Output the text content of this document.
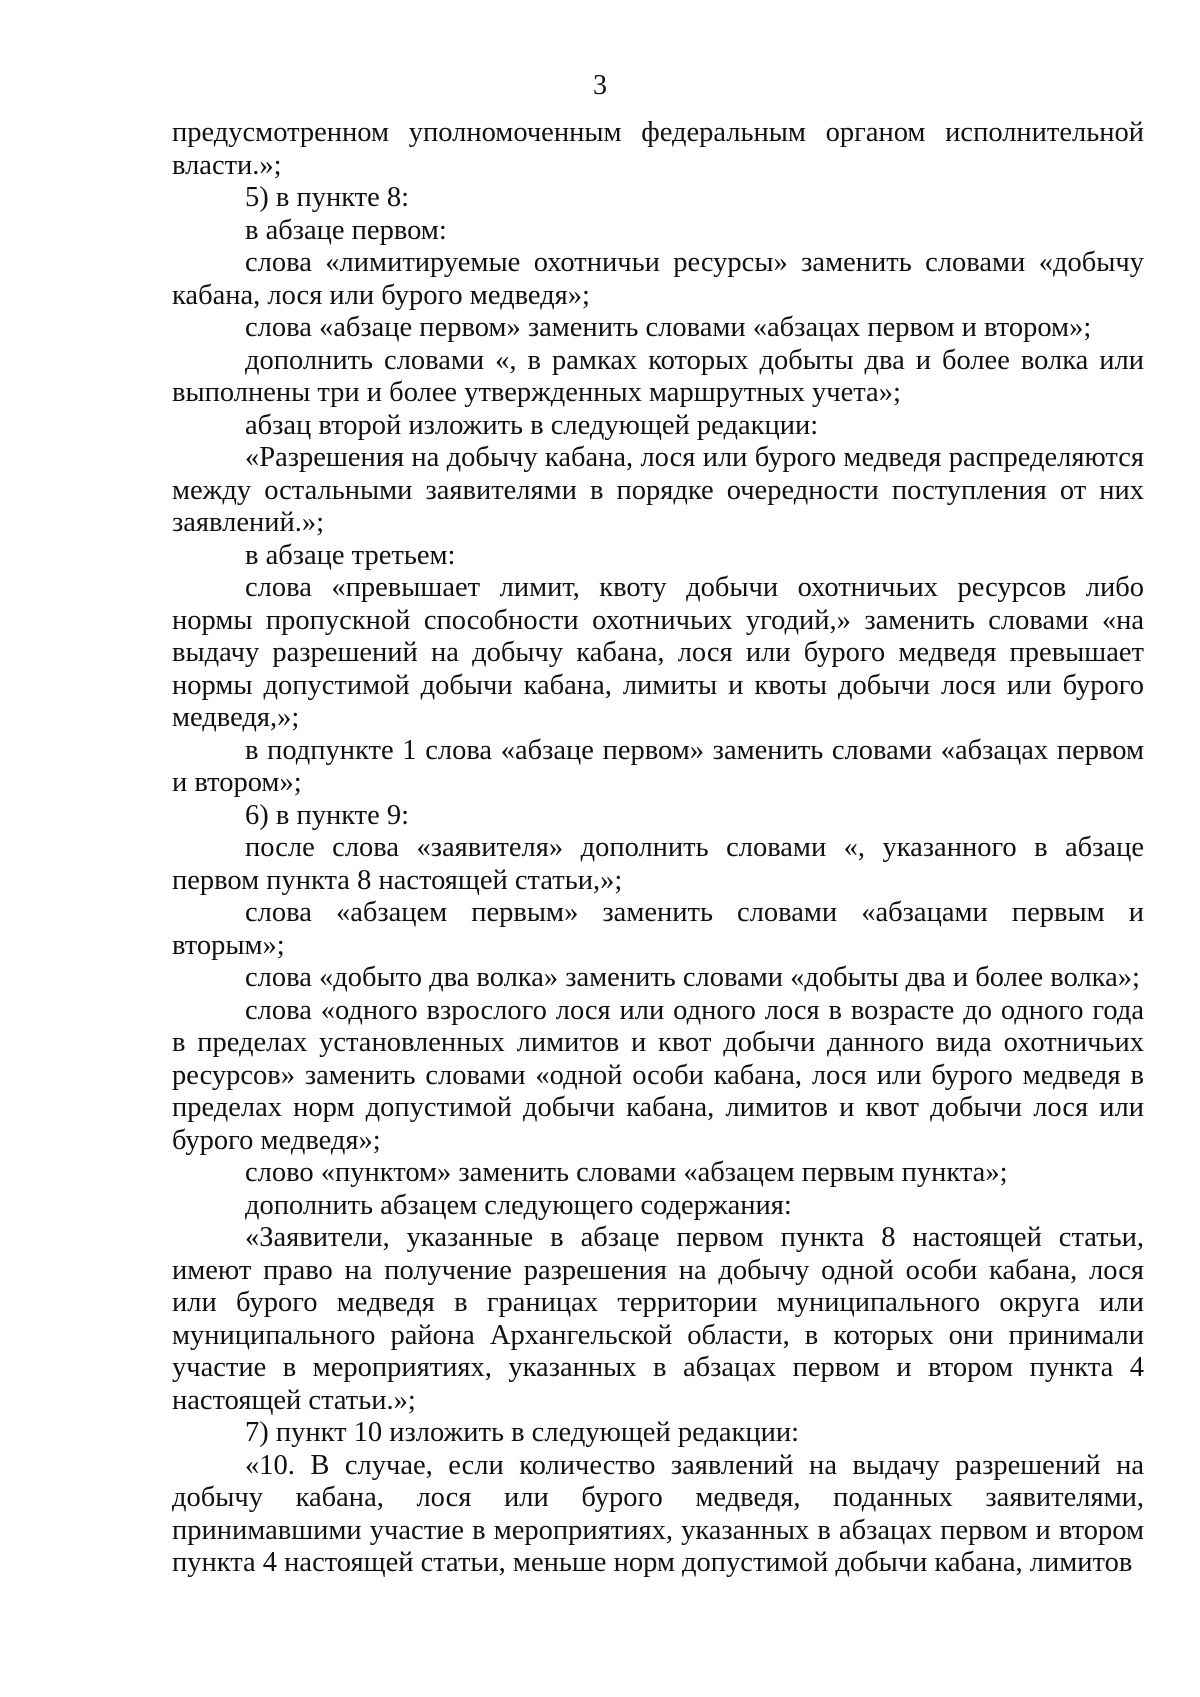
3

предусмотренном уполномоченным федеральным органом исполнительной власти.»;

5) в пункте 8:

в абзаце первом:

слова «лимитируемые охотничьи ресурсы» заменить словами «добычу кабана, лося или бурого медведя»;

слова «абзаце первом» заменить словами «абзацах первом и втором»;

дополнить словами «, в рамках которых добыты два и более волка или выполнены три и более утвержденных маршрутных учета»;

абзац второй изложить в следующей редакции:

«Разрешения на добычу кабана, лося или бурого медведя распределяются между остальными заявителями в порядке очередности поступления от них заявлений.»;

в абзаце третьем:

слова «превышает лимит, квоту добычи охотничьих ресурсов либо нормы пропускной способности охотничьих угодий,» заменить словами «на выдачу разрешений на добычу кабана, лося или бурого медведя превышает нормы допустимой добычи кабана, лимиты и квоты добычи лося или бурого медведя,»;

в подпункте 1 слова «абзаце первом» заменить словами «абзацах первом и втором»;

6) в пункте 9:

после слова «заявителя» дополнить словами «, указанного в абзаце первом пункта 8 настоящей статьи,»;

слова «абзацем первым» заменить словами «абзацами первым и вторым»;

слова «добыто два волка» заменить словами «добыты два и более волка»;

слова «одного взрослого лося или одного лося в возрасте до одного года в пределах установленных лимитов и квот добычи данного вида охотничьих ресурсов» заменить словами «одной особи кабана, лося или бурого медведя в пределах норм допустимой добычи кабана, лимитов и квот добычи лося или бурого медведя»;

слово «пунктом» заменить словами «абзацем первым пункта»;

дополнить абзацем следующего содержания:

«Заявители, указанные в абзаце первом пункта 8 настоящей статьи, имеют право на получение разрешения на добычу одной особи кабана, лося или бурого медведя в границах территории муниципального округа или муниципального района Архангельской области, в которых они принимали участие в мероприятиях, указанных в абзацах первом и втором пункта 4 настоящей статьи.»;

7) пункт 10 изложить в следующей редакции:

«10. В случае, если количество заявлений на выдачу разрешений на добычу кабана, лося или бурого медведя, поданных заявителями, принимавшими участие в мероприятиях, указанных в абзацах первом и втором пункта 4 настоящей статьи, меньше норм допустимой добычи кабана, лимитов
